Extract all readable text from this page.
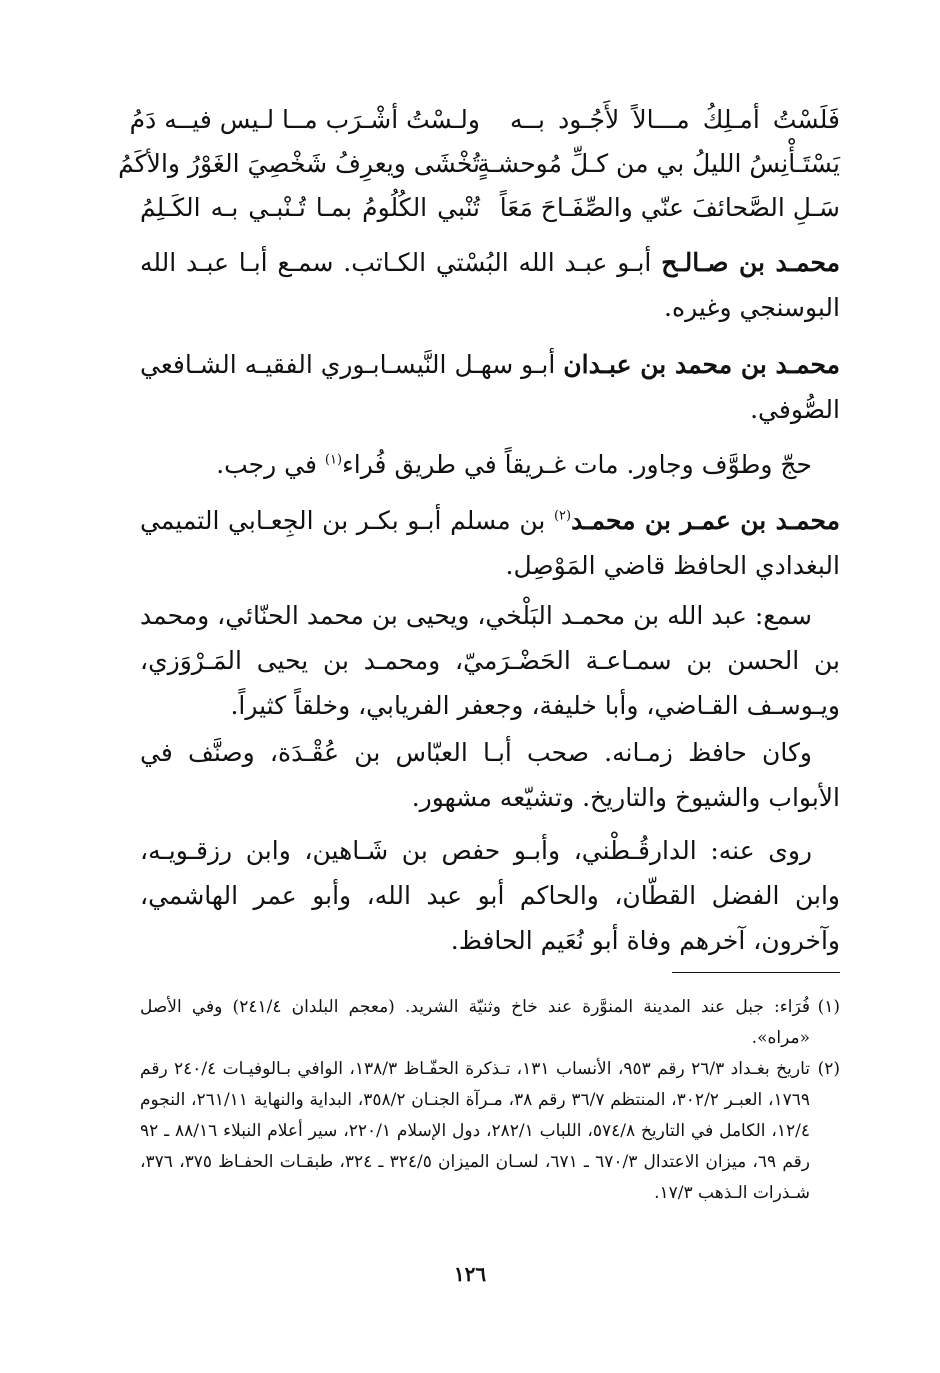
فَلَسْتُ أمـلِكُ مـــالاً لأَجُـود بــه
ولـسْتُ أشْـرَب مــا لـيس فيــه دَمُ
يَسْتَـأْنِسُ الليلُ بي من كـلِّ مُوحشـةٍ
تُخْشَى ويعرِفُ شَخْصِيَ الغَوْرُ والأكَمُ
سَـلِ الصَّحائفَ عنّي والصِّفَـاحَ مَعَاً
تُنْبي الكُلُومُ بمـا تُـنْبـي بـه الكَـلِمُ
محمـد بن صـالـح أبـو عبـد الله البُسْتي الكـاتب. سمـع أبـا عبـد الله البوسنجي وغيره.
محمـد بن محمد بن عبـدان أبـو سهـل النَّيسـابـوري الفقيـه الشـافعي الصُّوفي.
حجّ وطوَّف وجاور. مات غـريقاً في طريق فُراء$^{(١)}$ في رجب.
محمـد بن عمـر بن محمـد$^{(٢)}$ بن مسلم أبـو بكـر بن الجِعـابي التميمي البغدادي الحافظ قاضي المَوْصِل.
سمع: عبد الله بن محمـد البَلْخي، ويحيى بن محمد الحنّائي، ومحمد بن الحسن بن سمـاعـة الحَضْـرَميّ، ومحمـد بن يحيى المَـرْوَزي، ويـوسـف القـاضي، وأبا خليفة، وجعفر الفريابي، وخلقاً كثيراً.
وكان حافظ زمـانه. صحب أبـا العبّاس بن عُقْـدَة، وصنَّف في الأبواب والشيوخ والتاريخ. وتشيّعه مشهور.
روى عنه: الدارقُـطْني، وأبـو حفص بن شَـاهين، وابن رزقـويـه، وابن الفضل القطّان، والحاكم أبو عبد الله، وأبو عمر الهاشمي، وآخرون، آخرهم وفاة أبو نُعَيم الحافظ.
(١)
فُرَاء: جبل عند المدينة المنوَّرة عند خاخ وثنيّة الشريد. (معجم البلدان ٢٤١/٤) وفي الأصل «مراه».
(٢)
تاريخ بغـداد ٢٦/٣ رقم ٩٥٣، الأنساب ١٣١، تـذكرة الحفّـاظ ١٣٨/٣، الوافي بـالوفيـات ٢٤٠/٤ رقم ١٧٦٩، العبـر ٣٠٢/٢، المنتظم ٣٦/٧ رقم ٣٨، مـرآة الجنـان ٣٥٨/٢، البداية والنهاية ٢٦١/١١، النجوم ١٢/٤، الكامل في التاريخ ٥٧٤/٨، اللباب ٢٨٢/١، دول الإسلام ٢٢٠/١، سير أعلام النبلاء ٨٨/١٦ ـ ٩٢ رقم ٦٩، ميزان الاعتدال ٦٧٠/٣ ـ ٦٧١، لسـان الميزان ٣٢٤/٥ ـ ٣٢٤، طبقـات الحفـاظ ٣٧٥، ٣٧٦، شـذرات الـذهب ١٧/٣.
١٢٦
